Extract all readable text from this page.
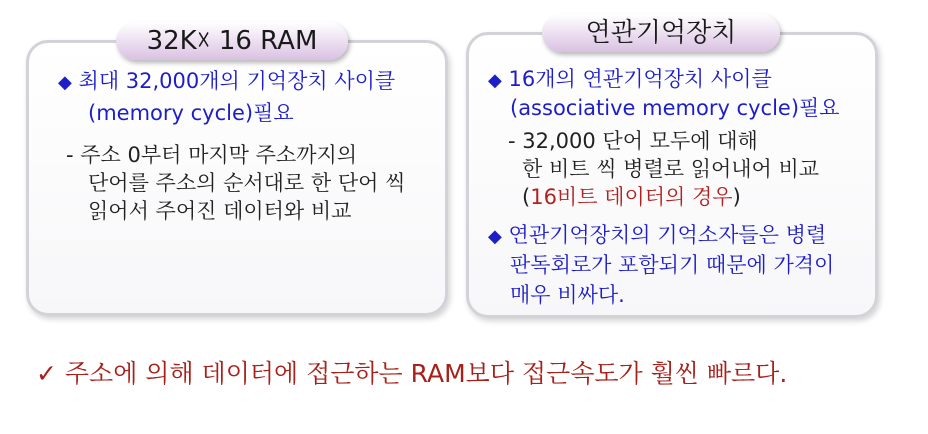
32K☓ 16 RAM
◆ 최대 32,000개의 기억장치 사이클
(memory cycle)필요
- 주소 0부터 마지막 주소까지의
단어를 주소의 순서대로 한 단어 씩
읽어서 주어진 데이터와 비교
연관기억장치
◆ 16개의 연관기억장치 사이클
(associative memory cycle)필요
- 32,000 단어 모두에 대해
한 비트 씩 병렬로 읽어내어 비교
(16비트 데이터의 경우)
◆ 연관기억장치의 기억소자들은 병렬
판독회로가 포함되기 때문에 가격이
매우 비싸다.
✓ 주소에 의해 데이터에 접근하는 RAM보다 접근속도가 훨씬 빠르다.
